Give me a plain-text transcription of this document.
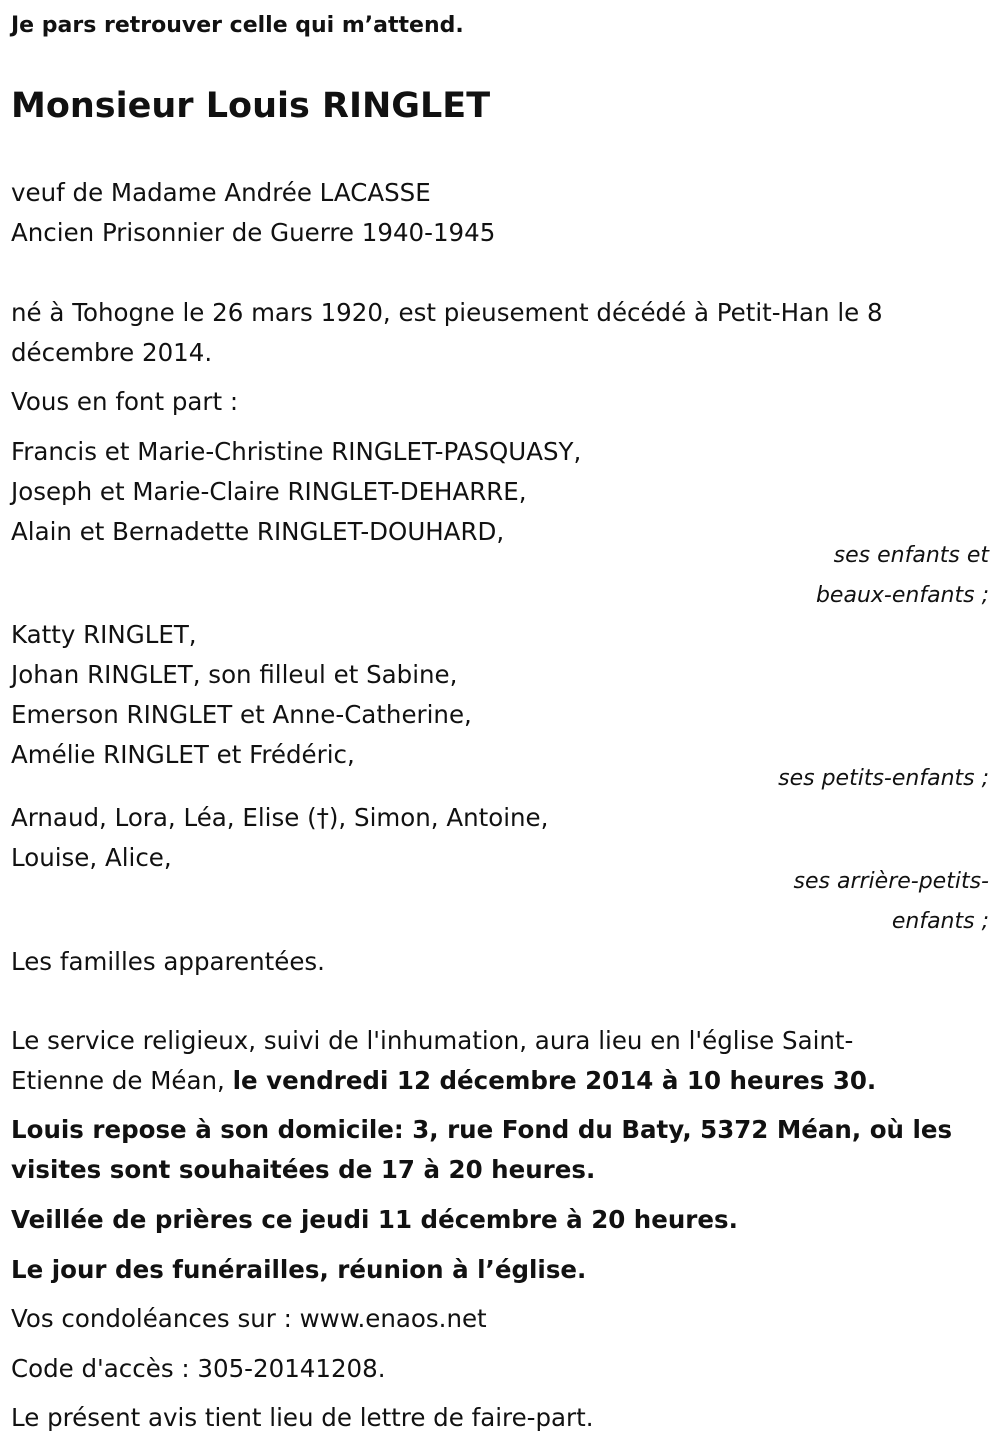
Je pars retrouver celle qui m’attend.

Monsieur Louis RINGLET

veuf de Madame Andrée LACASSE

Ancien Prisonnier de Guerre 1940-1945

né à Tohogne le 26 mars 1920, est pieusement décédé à Petit-Han le 8

décembre 2014.

Vous en font part :

Francis et Marie-Christine RINGLET-PASQUASY,

Joseph et Marie-Claire RINGLET-DEHARRE,

Alain et Bernadette RINGLET-DOUHARD,

ses enfants et

beaux-enfants ;

Katty RINGLET,

Johan RINGLET, son filleul et Sabine,

Emerson RINGLET et Anne-Catherine,

Amélie RINGLET et Frédéric,

ses petits-enfants ;

Arnaud, Lora, Léa, Elise (†), Simon, Antoine,

Louise, Alice,

ses arrière-petits-

enfants ;

Les familles apparentées.

Le service religieux, suivi de l'inhumation, aura lieu en l'église Saint-

Etienne de Méan, le vendredi 12 décembre 2014 à 10 heures 30.

Louis repose à son domicile: 3, rue Fond du Baty, 5372 Méan, où les

visites sont souhaitées de 17 à 20 heures.

Veillée de prières ce jeudi 11 décembre à 20 heures.

Le jour des funérailles, réunion à l’église.

Vos condoléances sur : www.enaos.net

Code d'accès : 305-20141208.

Le présent avis tient lieu de lettre de faire-part.
